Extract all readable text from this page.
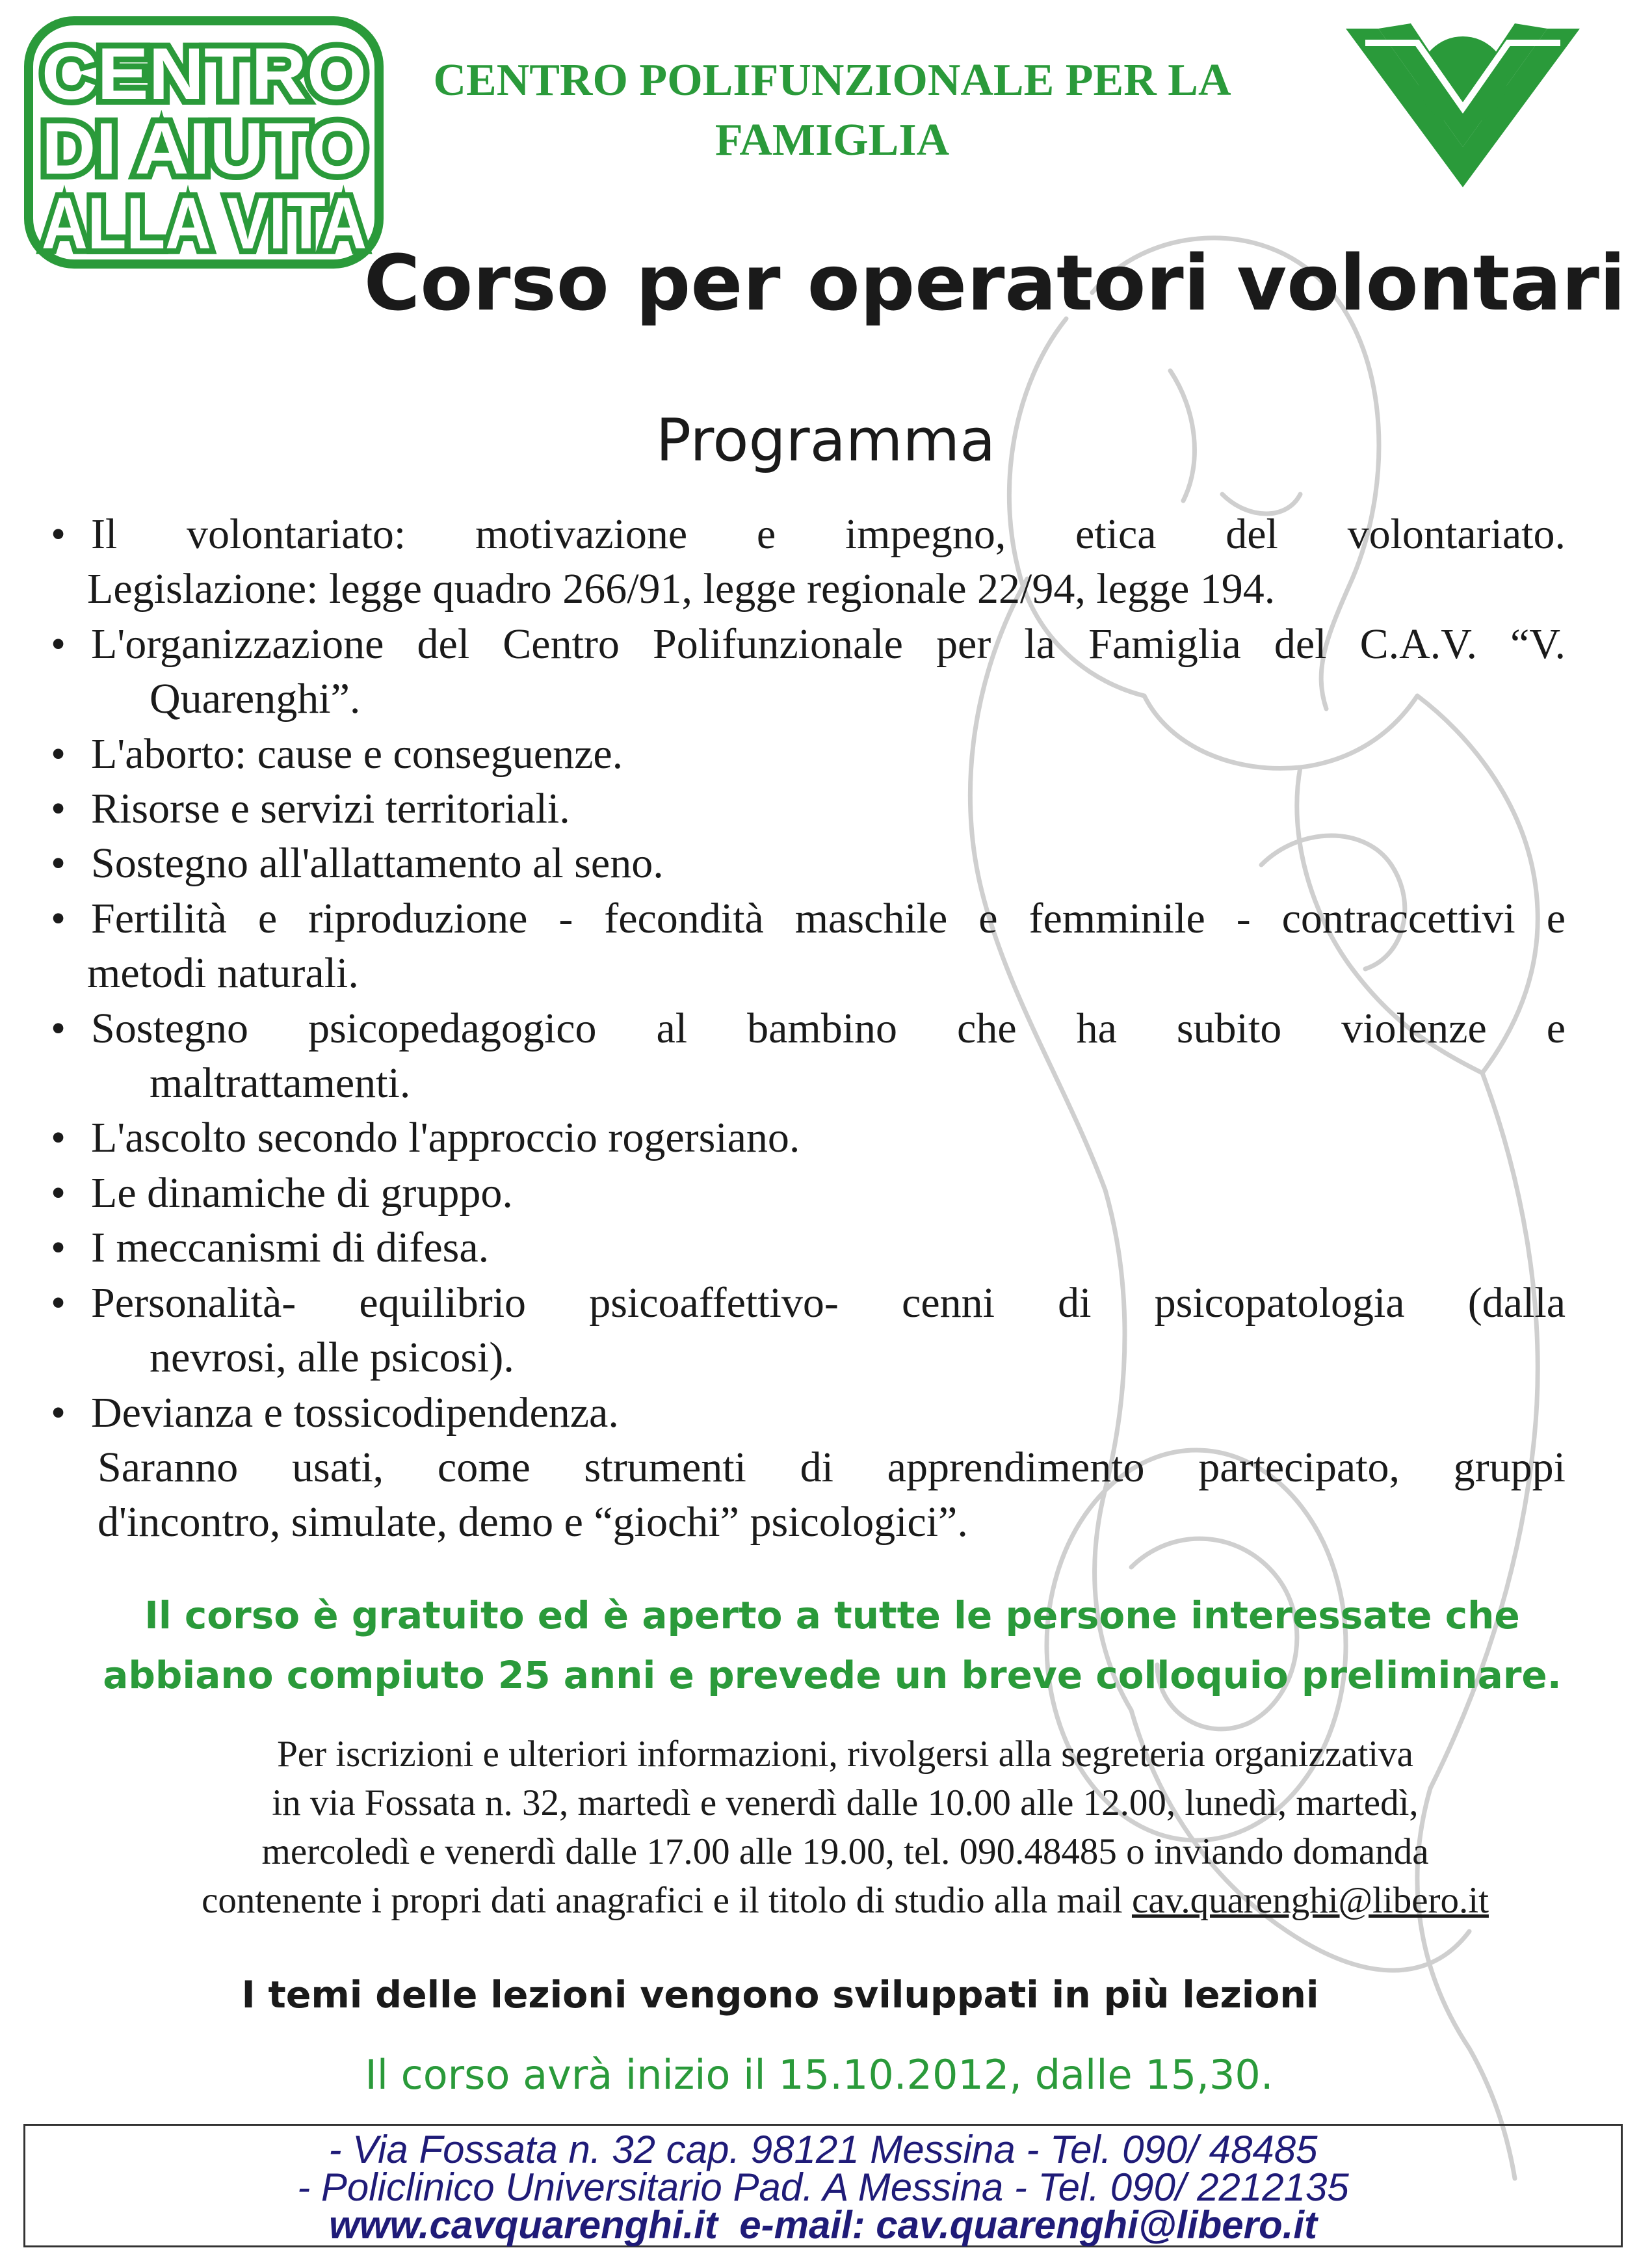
CENTRO
DI AIUTO
ALLA VITA
CENTRO POLIFUNZIONALE PER LA
FAMIGLIA
Corso per operatori volontari
Programma
• Il volontariato: motivazione e impegno, etica del volontariato.
Legislazione: legge quadro 266/91, legge regionale 22/94, legge 194.
• L'organizzazione del Centro Polifunzionale per la Famiglia del C.A.V. “V.
Quarenghi”.
• L'aborto: cause e conseguenze.
• Risorse e servizi territoriali.
• Sostegno all'allattamento al seno.
• Fertilità e riproduzione - fecondità maschile e femminile - contraccettivi e
metodi naturali.
• Sostegno psicopedagogico al bambino che ha subito violenze e
maltrattamenti.
• L'ascolto secondo l'approccio rogersiano.
• Le dinamiche di gruppo.
• I meccanismi di difesa.
• Personalità- equilibrio psicoaffettivo- cenni di psicopatologia (dalla
nevrosi, alle psicosi).
• Devianza e tossicodipendenza.
Saranno usati, come strumenti di apprendimento partecipato, gruppi
d'incontro, simulate, demo e “giochi” psicologici”.
Il corso è gratuito ed è aperto a tutte le persone interessate che
abbiano compiuto 25 anni e prevede un breve colloquio preliminare.
Per iscrizioni e ulteriori informazioni, rivolgersi alla segreteria organizzativa
in via Fossata n. 32, martedì e venerdì dalle 10.00 alle 12.00, lunedì, martedì,
mercoledì e venerdì dalle 17.00 alle 19.00, tel. 090.48485 o inviando domanda
contenente i propri dati anagrafici e il titolo di studio alla mail cav.quarenghi@libero.it
I temi delle lezioni vengono sviluppati in più lezioni
Il corso avrà inizio il 15.10.2012, dalle 15,30.
- Via Fossata n. 32 cap. 98121 Messina - Tel. 090/ 48485
- Policlinico Universitario Pad. A Messina - Tel. 090/ 2212135
www.cavquarenghi.it e-mail: cav.quarenghi@libero.it
